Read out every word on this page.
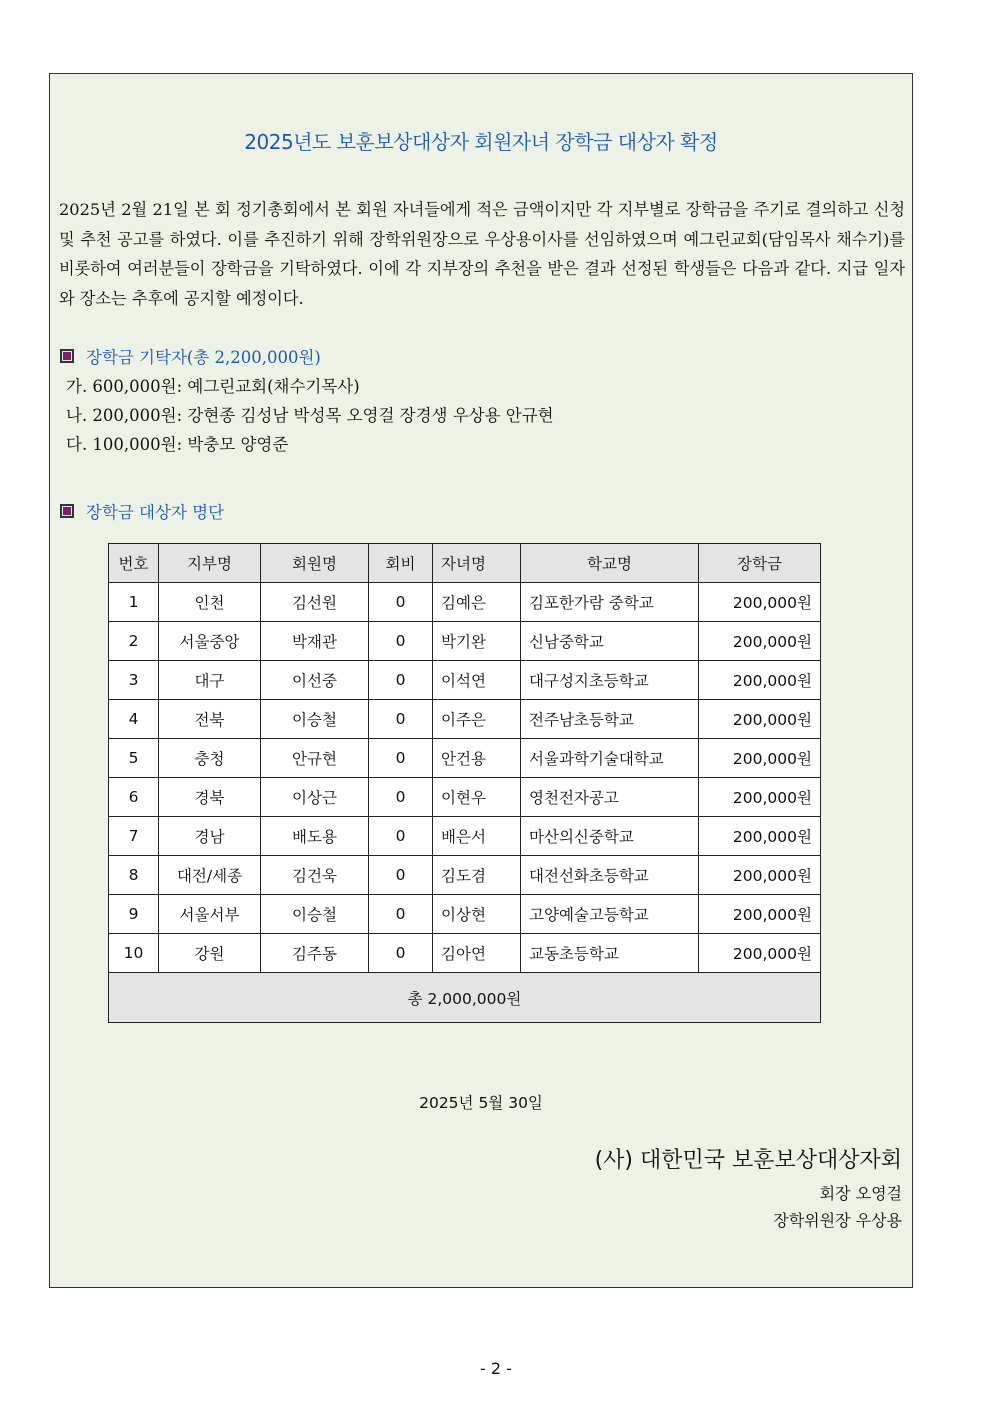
2025년도 보훈보상대상자 회원자녀 장학금 대상자 확정
2025년 2월 21일 본 회 정기총회에서 본 회원 자녀들에게 적은 금액이지만 각 지부별로 장학금을 주기로 결의하고 신청 및 추천 공고를 하였다. 이를 추진하기 위해 장학위원장으로 우상용이사를 선임하였으며 예그린교회(담임목사 채수기)를 비롯하여 여러분들이 장학금을 기탁하였다. 이에 각 지부장의 추천을 받은 결과 선정된 학생들은 다음과 같다. 지급 일자와 장소는 추후에 공지할 예정이다.
장학금 기탁자(총 2,200,000원)
가. 600,000원: 예그린교회(채수기목사)
나. 200,000원: 강현종 김성남 박성목 오영걸 장경생 우상용 안규현
다. 100,000원: 박충모 양영준
장학금 대상자 명단
번호	지부명	회원명	회비	자녀명	학교명	장학금
1	인천	김선원	0	김예은	김포한가람 중학교	200,000원
2	서울중앙	박재관	0	박기완	신남중학교	200,000원
3	대구	이선중	0	이석연	대구성지초등학교	200,000원
4	전북	이승철	0	이주은	전주남초등학교	200,000원
5	충청	안규현	0	안건용	서울과학기술대학교	200,000원
6	경북	이상근	0	이현우	영천전자공고	200,000원
7	경남	배도용	0	배은서	마산의신중학교	200,000원
8	대전/세종	김건욱	0	김도겸	대전선화초등학교	200,000원
9	서울서부	이승철	0	이상현	고양예술고등학교	200,000원
10	강원	김주동	0	김아연	교동초등학교	200,000원
총 2,000,000원						
2025년 5월 30일
(사) 대한민국 보훈보상대상자회
회장 오영걸
장학위원장 우상용
- 2 -
